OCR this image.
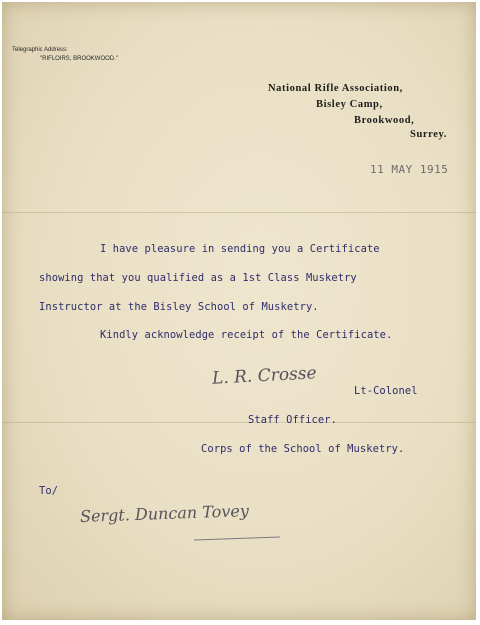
Telegraphic Address:
"RIFLOIRS, BROOKWOOD."
National Rifle Association,
Bisley Camp,
Brookwood,
Surrey.
11 MAY 1915
I have pleasure in sending you a Certificate
showing that you qualified as a 1st Class Musketry
Instructor at the Bisley School of Musketry.
Kindly acknowledge receipt of the Certificate.
L. R. Crosse
Lt-Colonel
Staff Officer.
Corps of the School of Musketry.
To/
Sergt. Duncan Tovey
